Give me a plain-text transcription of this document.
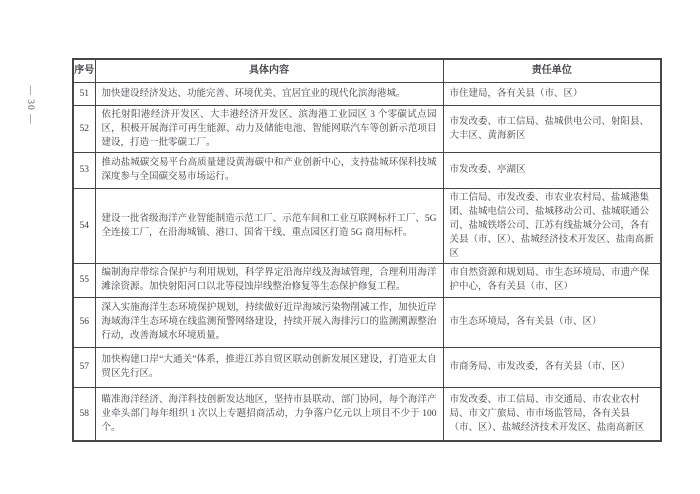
— 30 —
序号	具体内容	责任单位
51	加快建设经济发达、功能完善、环境优美、宜居宜业的现代化滨海港城。	市住建局，各有关县（市、区）
52	依托射阳港经济开发区、大丰港经济开发区、滨海港工业园区 3 个零碳试点园区，积极开展海洋可再生能源、动力及储能电池、智能网联汽车等创新示范项目建设，打造一批零碳工厂。	市发改委、市工信局、盐城供电公司、射阳县、大丰区、黄海新区
53	推动盐城碳交易平台高质量建设黄海碳中和产业创新中心，支持盐城环保科技城深度参与全国碳交易市场运行。	市发改委、亭湖区
54	建设一批省级海洋产业智能制造示范工厂、示范车间和工业互联网标杆工厂、5G 全连接工厂，在沿海城镇、港口、国省干线、重点园区打造 5G 商用标杆。	市工信局、市发改委、市农业农村局、盐城港集团、盐城电信公司、盐城移动公司、盐城联通公司、盐城铁塔公司、江苏有线盐城分公司，各有关县（市、区）、盐城经济技术开发区、盐南高新区
55	编制海岸带综合保护与利用规划，科学界定沿海岸线及海域管理，合理利用海洋滩涂资源。加快射阳河口以北等侵蚀岸线整治修复等生态保护修复工程。	市自然资源和规划局、市生态环境局、市遗产保护中心，各有关县（市、区）
56	深入实施海洋生态环境保护规划，持续做好近岸海域污染物削减工作，加快近岸海域海洋生态环境在线监测预警网络建设，持续开展入海排污口的监测溯源整治行动，改善海域水环境质量。	市生态环境局，各有关县（市、区）
57	加快构建口岸“大通关”体系，推进江苏自贸区联动创新发展区建设，打造亚太自贸区先行区。	市商务局、市发改委，各有关县（市、区）
58	瞄准海洋经济、海洋科技创新发达地区，坚持市县联动、部门协同，每个海洋产业牵头部门每年组织 1 次以上专题招商活动，力争落户亿元以上项目不少于 100 个。	市发改委、市工信局、市交通局、市农业农村局、市文广旅局、市市场监管局，各有关县（市、区）、盐城经济技术开发区、盐南高新区
